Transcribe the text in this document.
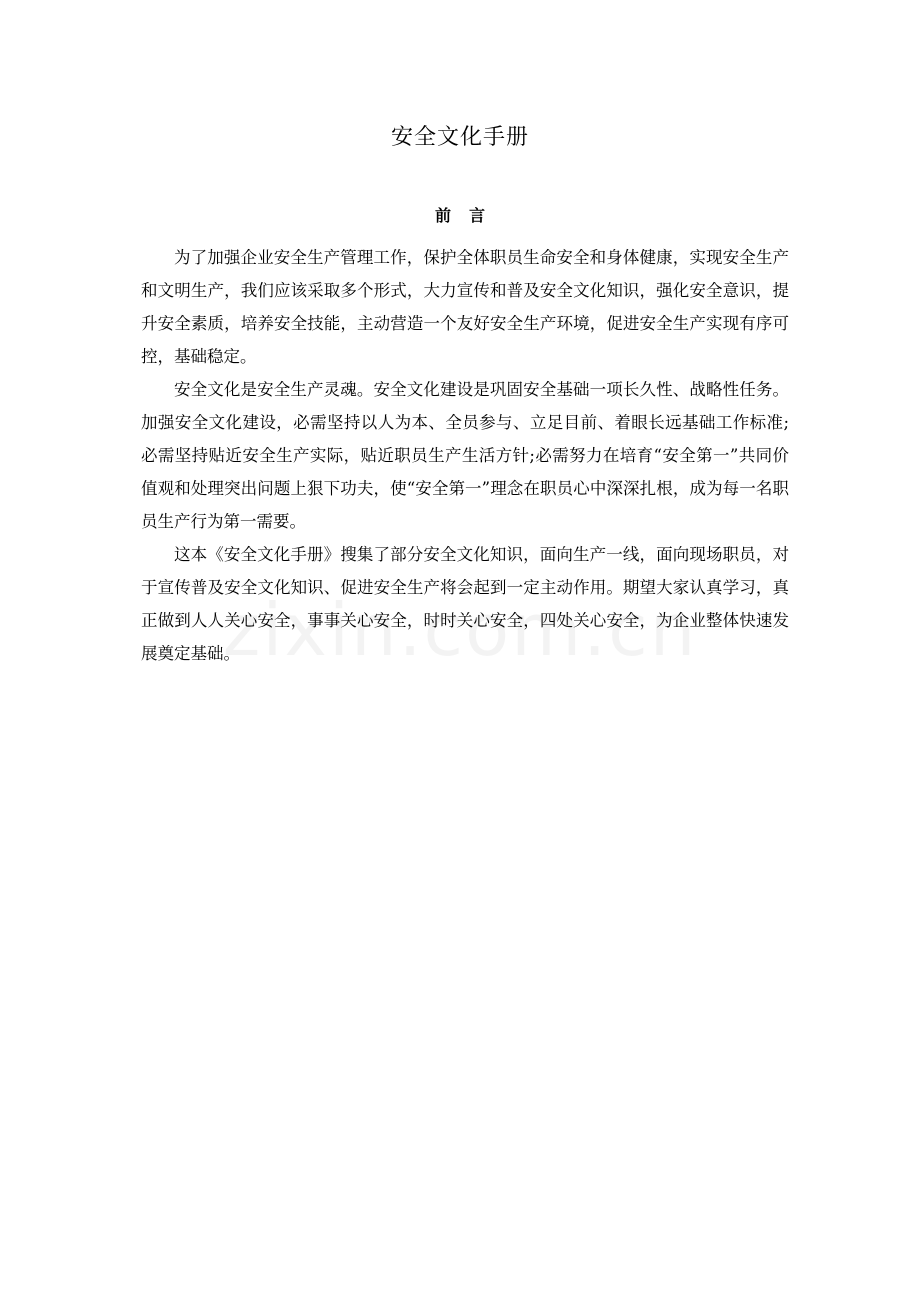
安全文化手册
前言

为了加强企业安全生产管理工作，保护全体职员生命安全和身体健康，实现安全生产和文明生产，我们应该采取多个形式，大力宣传和普及安全文化知识，强化安全意识，提升安全素质，培养安全技能，主动营造一个友好安全生产环境，促进安全生产实现有序可控，基础稳定。

安全文化是安全生产灵魂。安全文化建设是巩固安全基础一项长久性、战略性任务。加强安全文化建设，必需坚持以人为本、全员参与、立足目前、着眼长远基础工作标准;必需坚持贴近安全生产实际，贴近职员生产生活方针;必需努力在培育“安全第一”共同价值观和处理突出问题上狠下功夫，使“安全第一”理念在职员心中深深扎根，成为每一名职员生产行为第一需要。

这本《安全文化手册》搜集了部分安全文化知识，面向生产一线，面向现场职员，对于宣传普及安全文化知识、促进安全生产将会起到一定主动作用。期望大家认真学习，真正做到人人关心安全，事事关心安全，时时关心安全，四处关心安全，为企业整体快速发展奠定基础。
